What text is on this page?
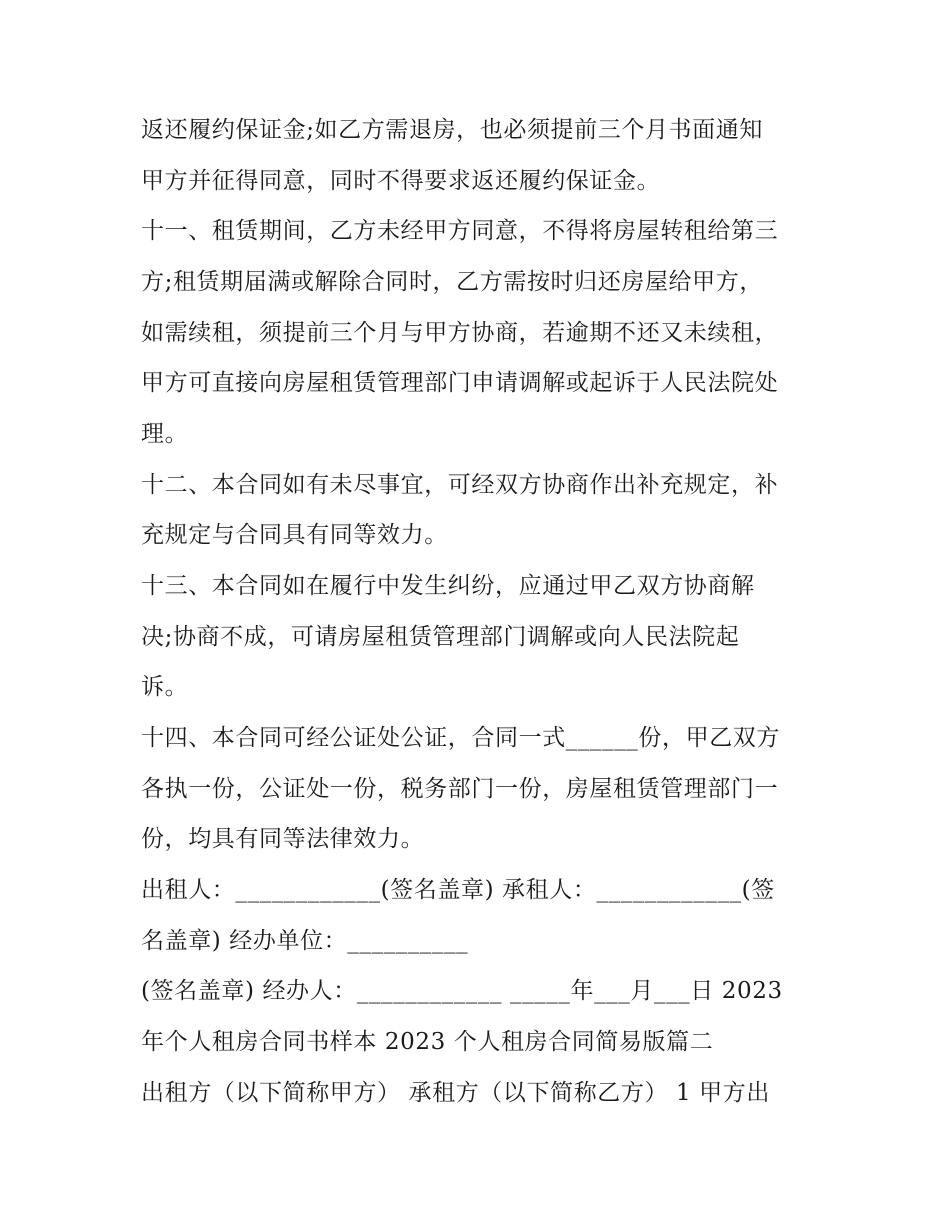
返还履约保证金;如乙方需退房，也必须提前三个月书面通知
甲方并征得同意，同时不得要求返还履约保证金。
十一、租赁期间，乙方未经甲方同意，不得将房屋转租给第三
方;租赁期届满或解除合同时，乙方需按时归还房屋给甲方，
如需续租，须提前三个月与甲方协商，若逾期不还又未续租，
甲方可直接向房屋租赁管理部门申请调解或起诉于人民法院处
理。
十二、本合同如有未尽事宜，可经双方协商作出补充规定，补
充规定与合同具有同等效力。
十三、本合同如在履行中发生纠纷，应通过甲乙双方协商解
决;协商不成，可请房屋租赁管理部门调解或向人民法院起
诉。
十四、本合同可经公证处公证，合同一式______份，甲乙双方
各执一份，公证处一份，税务部门一份，房屋租赁管理部门一
份，均具有同等法律效力。
出租人：____________(签名盖章) 承租人：____________(签
名盖章) 经办单位：__________
(签名盖章) 经办人：____________ _____年___月___日 2023
年个人租房合同书样本 2023 个人租房合同简易版篇二
出租方（以下简称甲方） 承租方（以下简称乙方） 1 甲方出
